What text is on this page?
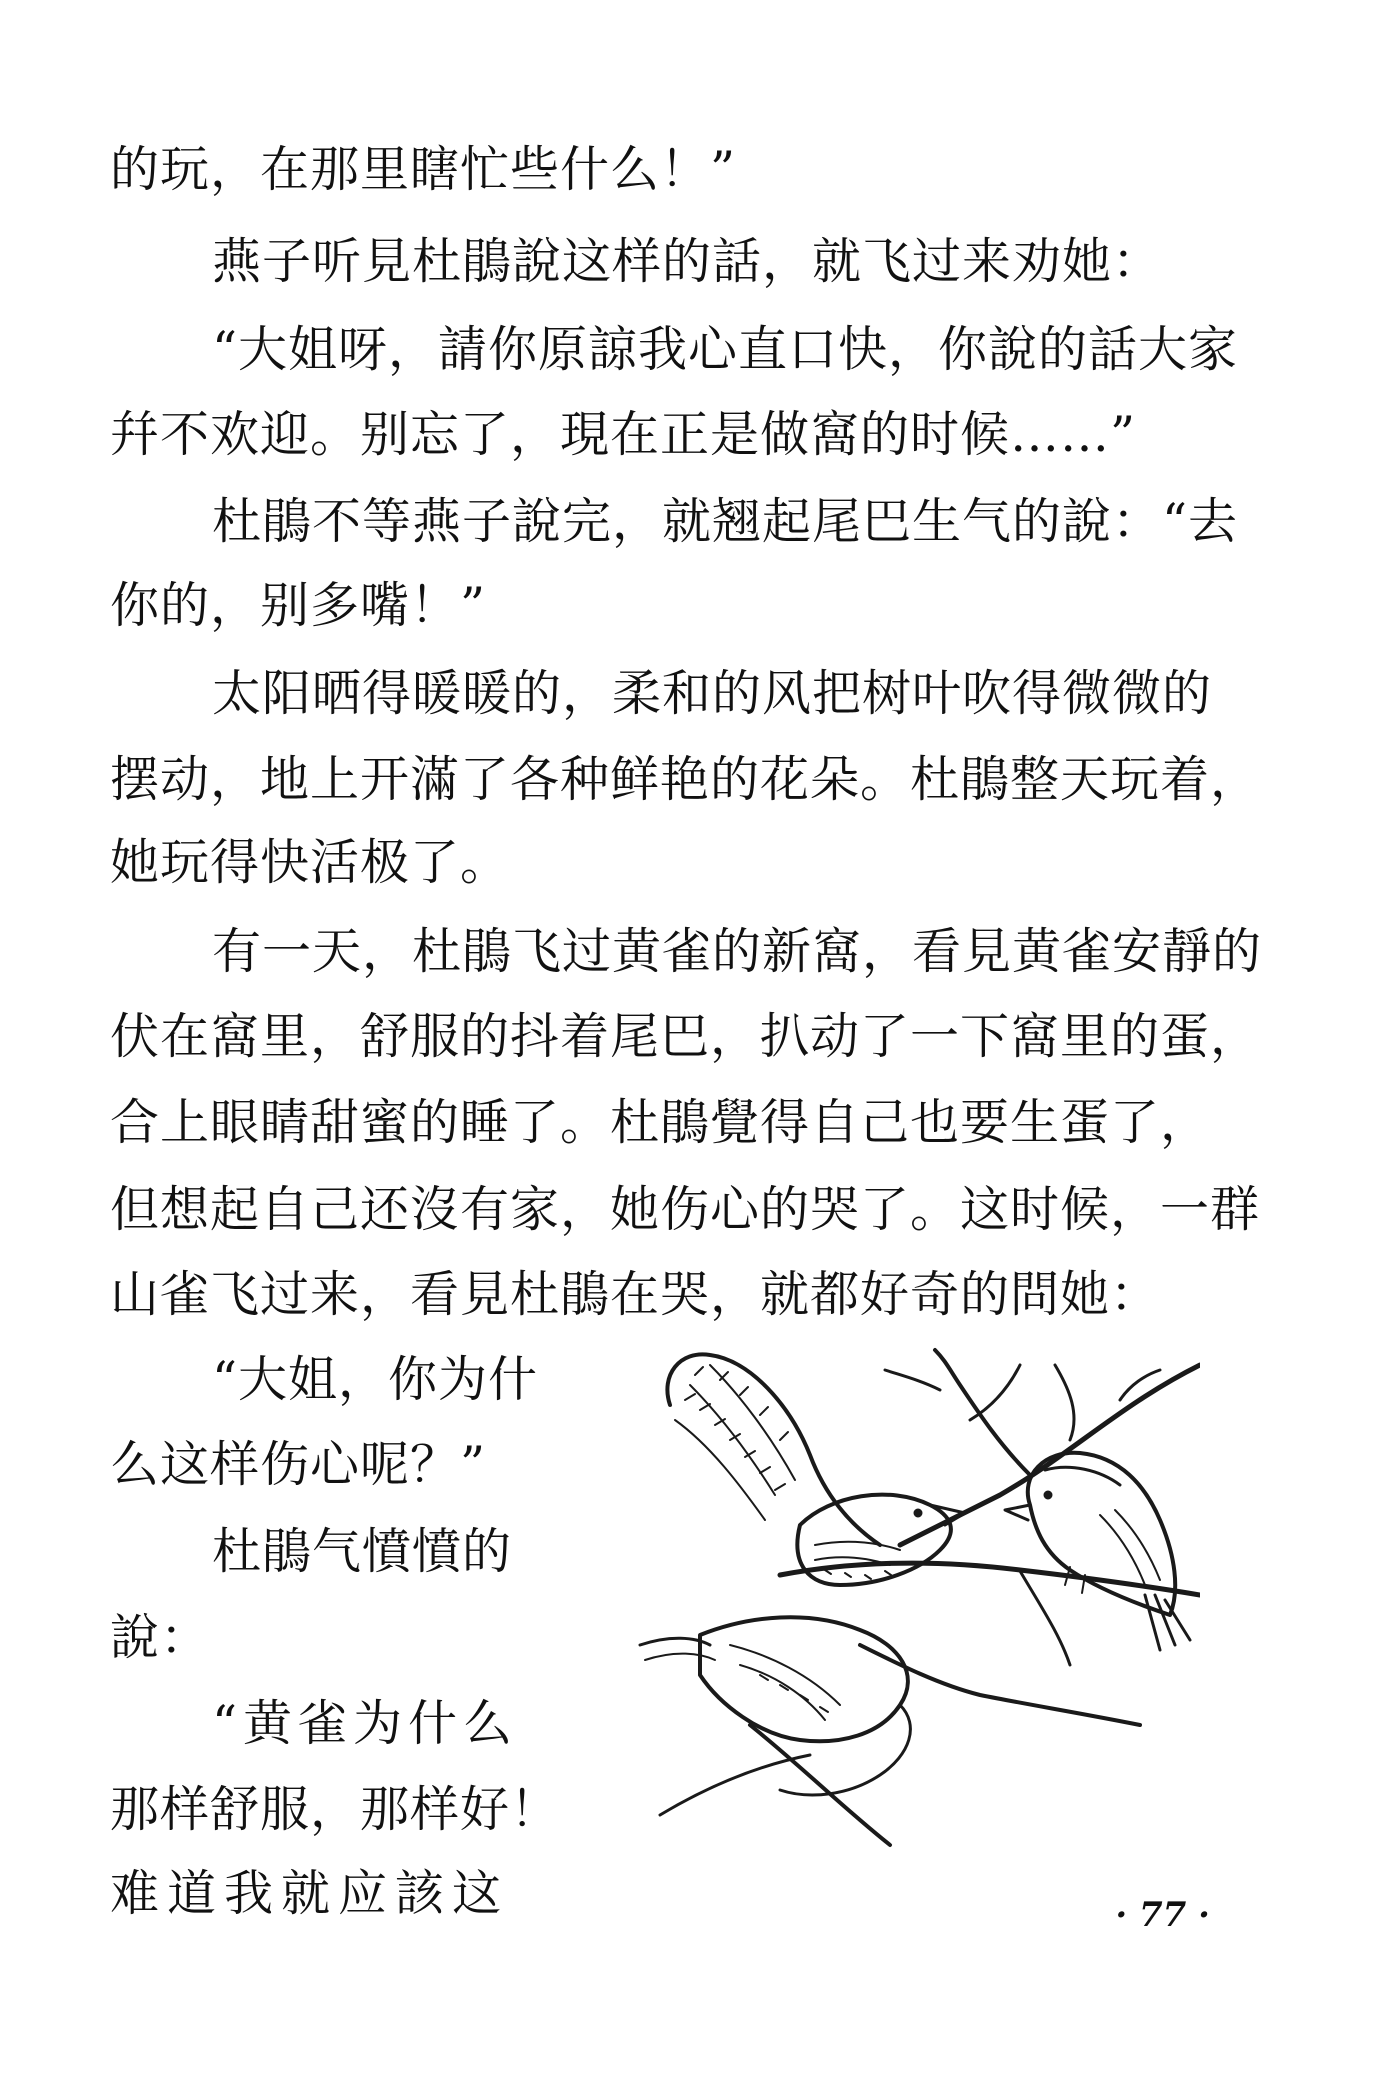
的玩，在那里瞎忙些什么！”
燕子听見杜鵑說这样的話，就飞过来劝她：
“大姐呀，請你原諒我心直口快，你說的話大家
幷不欢迎。别忘了，現在正是做窩的时候……”
杜鵑不等燕子說完，就翘起尾巴生气的說：“去
你的，别多嘴！”
太阳晒得暖暖的，柔和的风把树叶吹得微微的
摆动，地上开滿了各种鲜艳的花朵。杜鵑整天玩着，
她玩得快活极了。
有一天，杜鵑飞过黄雀的新窩，看見黄雀安靜的
伏在窩里，舒服的抖着尾巴，扒动了一下窩里的蛋，
合上眼睛甜蜜的睡了。杜鵑覺得自己也要生蛋了，
但想起自己还沒有家，她伤心的哭了。这时候，一群
山雀飞过来，看見杜鵑在哭，就都好奇的問她：
“大姐，你为什
么这样伤心呢？”
杜鵑气憤憤的
說：
“黄雀为什么
那样舒服，那样好！
难道我就应該这	· 77 ·
